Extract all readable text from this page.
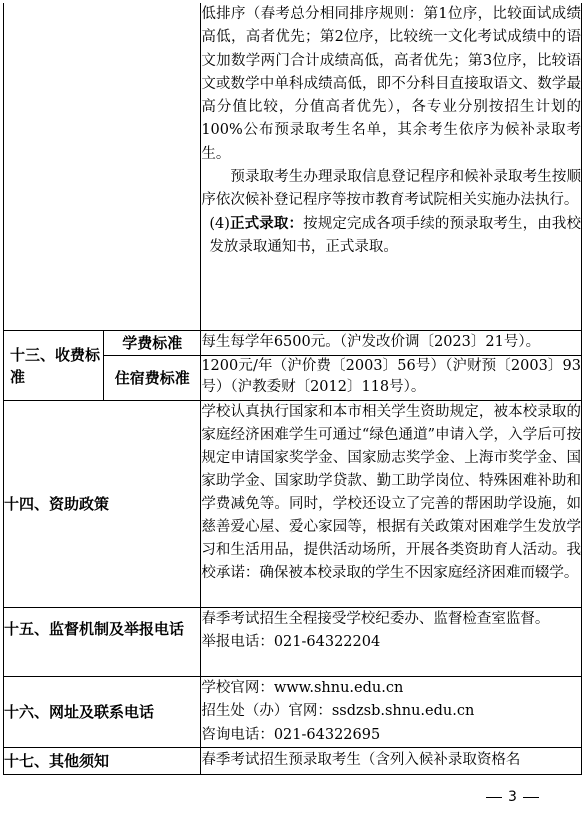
		低排序（春考总分相同排序规则：第1位序，比较面试成绩高低，高者优先；第2位序，比较统一文化考试成绩中的语文加数学两门合计成绩高低，高者优先；第3位序，比较语文或数学中单科成绩高低，即不分科目直接取语文、数学最高分值比较，分值高者优先），各专业分别按招生计划的100%公布预录取考生名单，其余考生依序为候补录取考生。

预录取考生办理录取信息登记程序和候补录取考生按顺序依次候补登记程序等按市教育考试院相关实施办法执行。

(4)正式录取：按规定完成各项手续的预录取考生，由我校发放录取通知书，正式录取。

十三、收费标准	学费标准	每生每学年6500元。（沪发改价调〔2023〕21号）。

	住宿费标准	1200元/年（沪价费〔2003〕56号）（沪财预〔2003〕93号）（沪教委财〔2012〕118号）。

十四、资助政策		学校认真执行国家和本市相关学生资助规定，被本校录取的家庭经济困难学生可通过“绿色通道”申请入学，入学后可按规定申请国家奖学金、国家励志奖学金、上海市奖学金、国家助学金、国家助学贷款、勤工助学岗位、特殊困难补助和学费减免等。同时，学校还设立了完善的帮困助学设施，如慈善爱心屋、爱心家园等，根据有关政策对困难学生发放学习和生活用品，提供活动场所，开展各类资助育人活动。我校承诺：确保被本校录取的学生不因家庭经济困难而辍学。

十五、监督机制及举报电话		春季考试招生全程接受学校纪委办、监督检查室监督。

举报电话：021-64322204

十六、网址及联系电话		学校官网：www.shnu.edu.cn

招生处（办）官网：ssdzsb.shnu.edu.cn

咨询电话：021-64322695

十七、其他须知		春季考试招生预录取考生（含列入候补录取资格名

3
